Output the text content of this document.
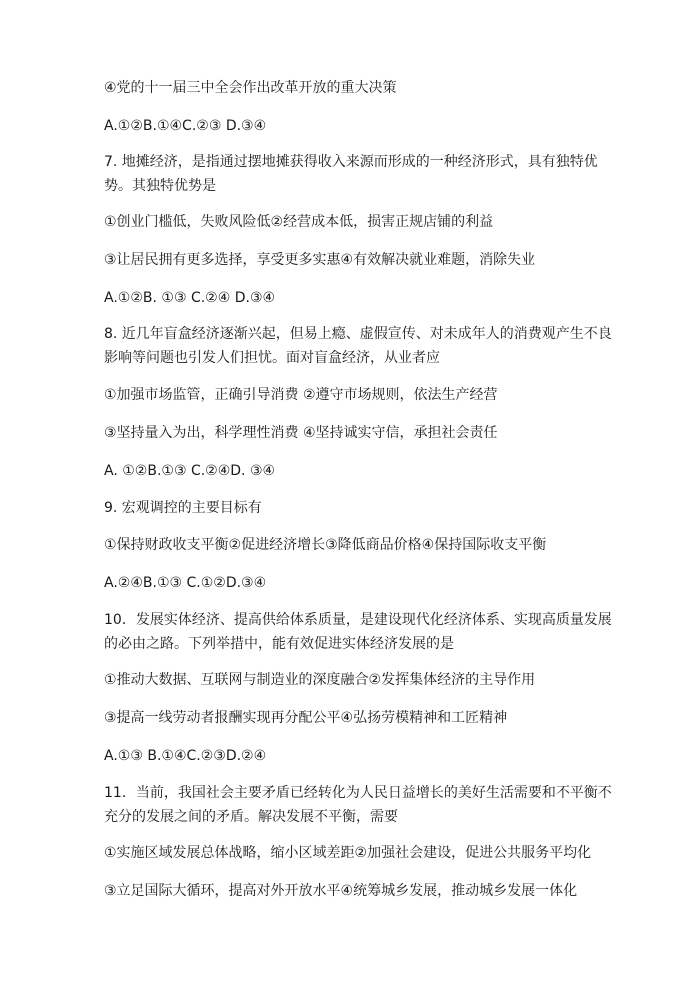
④党的十一届三中全会作出改革开放的重大决策
A.①②B.①④C.②③ D.③④
7. 地摊经济，是指通过摆地摊获得收入来源而形成的一种经济形式，具有独特优势。其独特优势是
①创业门槛低，失败风险低②经营成本低，损害正规店铺的利益
③让居民拥有更多选择，享受更多实惠④有效解决就业难题，消除失业
A.①②B. ①③ C.②④ D.③④
8. 近几年盲盒经济逐渐兴起，但易上瘾、虚假宣传、对未成年人的消费观产生不良影响等问题也引发人们担忧。面对盲盒经济，从业者应
①加强市场监管，正确引导消费 ②遵守市场规则，依法生产经营
③坚持量入为出，科学理性消费 ④坚持诚实守信，承担社会责任
A. ①②B.①③ C.②④D. ③④
9. 宏观调控的主要目标有
①保持财政收支平衡②促进经济增长③降低商品价格④保持国际收支平衡
A.②④B.①③ C.①②D.③④
10．发展实体经济、提高供给体系质量，是建设现代化经济体系、实现高质量发展的必由之路。下列举措中，能有效促进实体经济发展的是
①推动大数据、互联网与制造业的深度融合②发挥集体经济的主导作用
③提高一线劳动者报酬实现再分配公平④弘扬劳模精神和工匠精神
A.①③ B.①④C.②③D.②④
11．当前，我国社会主要矛盾已经转化为人民日益增长的美好生活需要和不平衡不充分的发展之间的矛盾。解决发展不平衡，需要
①实施区域发展总体战略，缩小区域差距②加强社会建设，促进公共服务平均化
③立足国际大循环，提高对外开放水平④统筹城乡发展，推动城乡发展一体化
